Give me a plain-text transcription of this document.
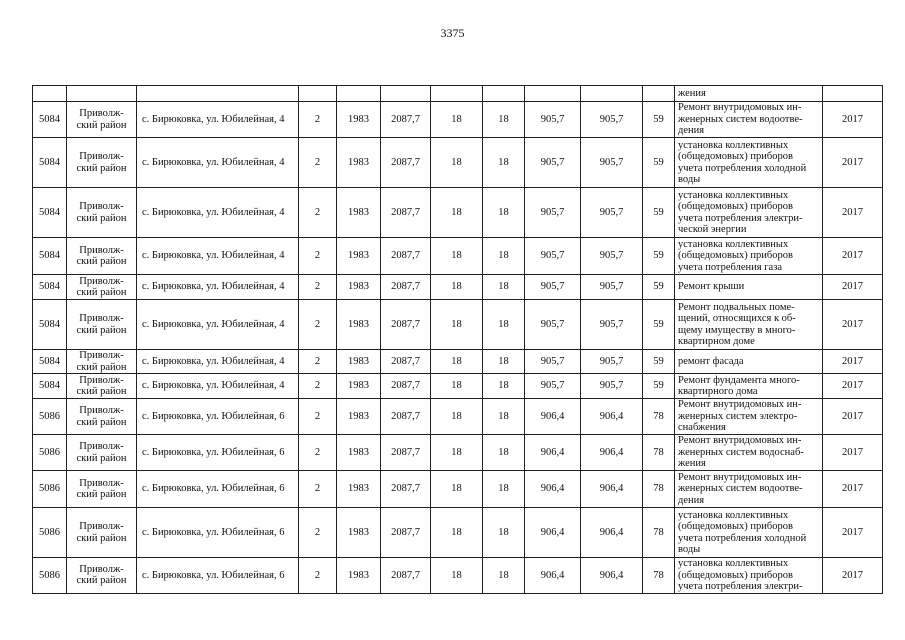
3375
											жения	
5084	Приволж-ский район	с. Бирюковка, ул. Юбилейная, 4	2	1983	2087,7	18	18	905,7	905,7	59	Ремонт внутридомовых ин-женерных систем водоотве-дения	2017
5084	Приволж-ский район	с. Бирюковка, ул. Юбилейная, 4	2	1983	2087,7	18	18	905,7	905,7	59	установка коллективных (общедомовых) приборов учета потребления холодной воды	2017
5084	Приволж-ский район	с. Бирюковка, ул. Юбилейная, 4	2	1983	2087,7	18	18	905,7	905,7	59	установка коллективных (общедомовых) приборов учета потребления электри-ческой энергии	2017
5084	Приволж-ский район	с. Бирюковка, ул. Юбилейная, 4	2	1983	2087,7	18	18	905,7	905,7	59	установка коллективных (общедомовых) приборов учета потребления газа	2017
5084	Приволж-ский район	с. Бирюковка, ул. Юбилейная, 4	2	1983	2087,7	18	18	905,7	905,7	59	Ремонт крыши	2017
5084	Приволж-ский район	с. Бирюковка, ул. Юбилейная, 4	2	1983	2087,7	18	18	905,7	905,7	59	Ремонт подвальных поме-щений, относящихся к об-щему имуществу в много-квартирном доме	2017
5084	Приволж-ский район	с. Бирюковка, ул. Юбилейная, 4	2	1983	2087,7	18	18	905,7	905,7	59	ремонт фасада	2017
5084	Приволж-ский район	с. Бирюковка, ул. Юбилейная, 4	2	1983	2087,7	18	18	905,7	905,7	59	Ремонт фундамента много-квартирного дома	2017
5086	Приволж-ский район	с. Бирюковка, ул. Юбилейная, 6	2	1983	2087,7	18	18	906,4	906,4	78	Ремонт внутридомовых ин-женерных систем электро-снабжения	2017
5086	Приволж-ский район	с. Бирюковка, ул. Юбилейная, 6	2	1983	2087,7	18	18	906,4	906,4	78	Ремонт внутридомовых ин-женерных систем водоснаб-жения	2017
5086	Приволж-ский район	с. Бирюковка, ул. Юбилейная, 6	2	1983	2087,7	18	18	906,4	906,4	78	Ремонт внутридомовых ин-женерных систем водоотве-дения	2017
5086	Приволж-ский район	с. Бирюковка, ул. Юбилейная, 6	2	1983	2087,7	18	18	906,4	906,4	78	установка коллективных (общедомовых) приборов учета потребления холодной воды	2017
5086	Приволж-ский район	с. Бирюковка, ул. Юбилейная, 6	2	1983	2087,7	18	18	906,4	906,4	78	установка коллективных (общедомовых) приборов учета потребления электри-	2017
